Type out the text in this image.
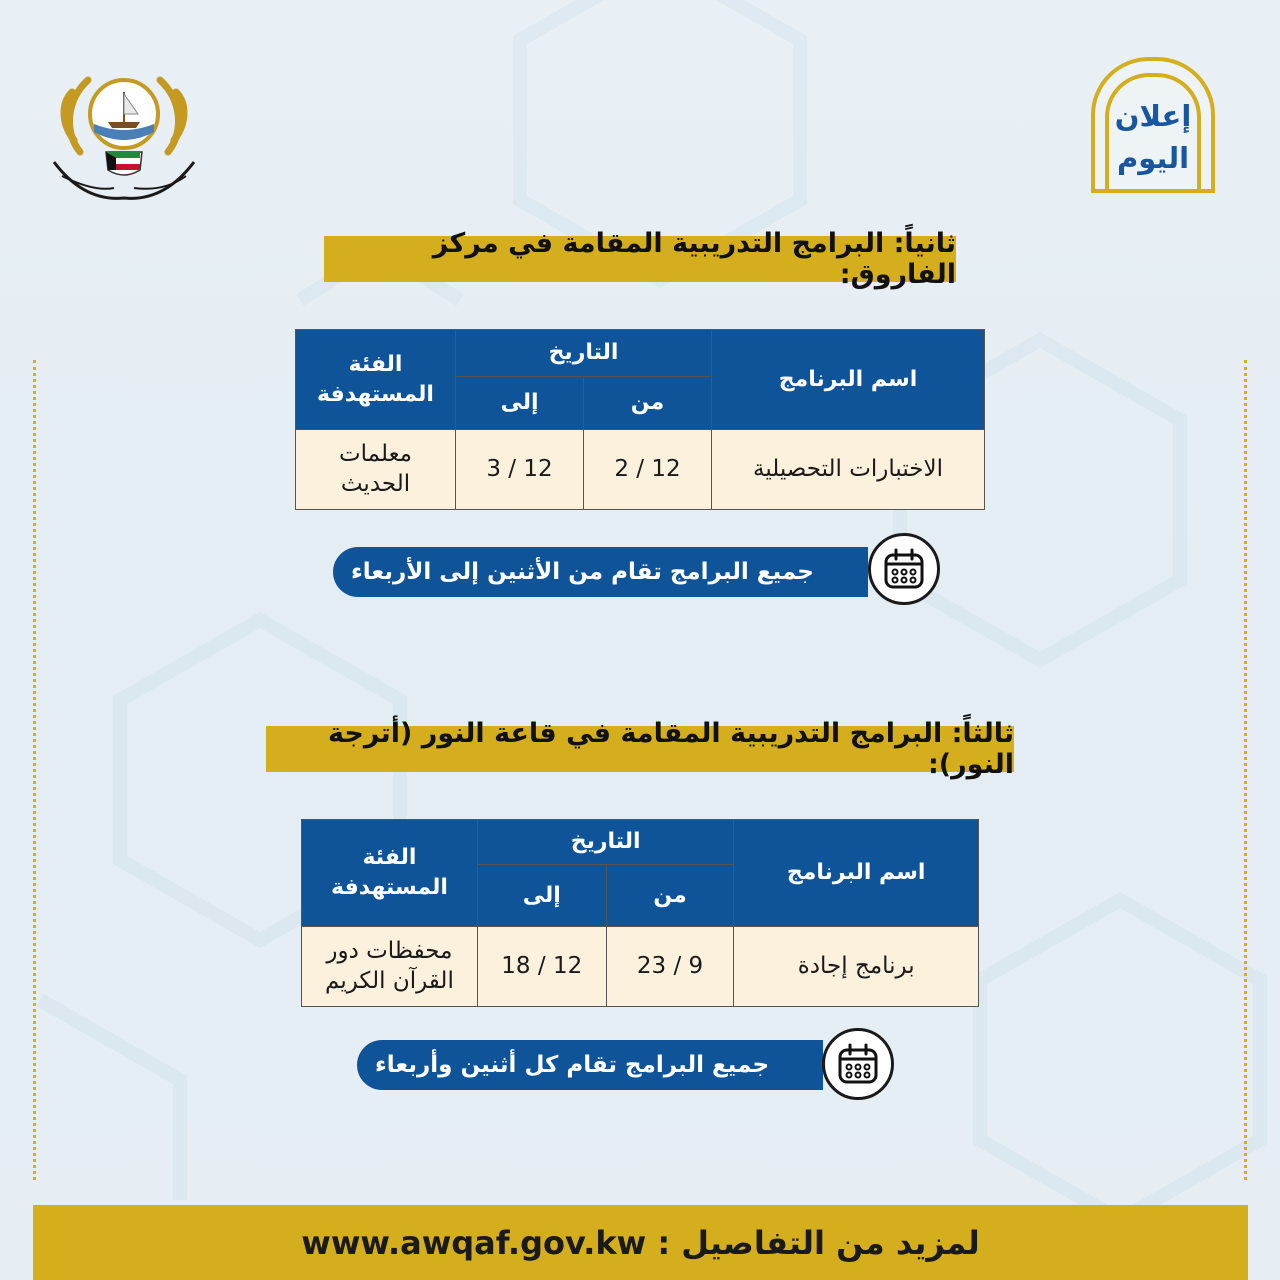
إعلان
اليوم
ثانياً: البرامج التدريبية المقامة في مركز الفاروق:
اسم البرنامج	التاريخ		الفئة
المستهدفة

	من	إلى	
الاختبارات التحصيلية	12 / 2	12 / 3	معلمات
الحديث
جميع البرامج تقام من الأثنين إلى الأربعاء
ثالثاً: البرامج التدريبية المقامة في قاعة النور (أترجة النور):
اسم البرنامج	التاريخ		الفئة
المستهدفة

	من	إلى	
برنامج إجادة	9 / 23	12 / 18	محفظات دور
القرآن الكريم
جميع البرامج تقام كل أثنين وأربعاء
لمزيد من التفاصيل : www.awqaf.gov.kw
